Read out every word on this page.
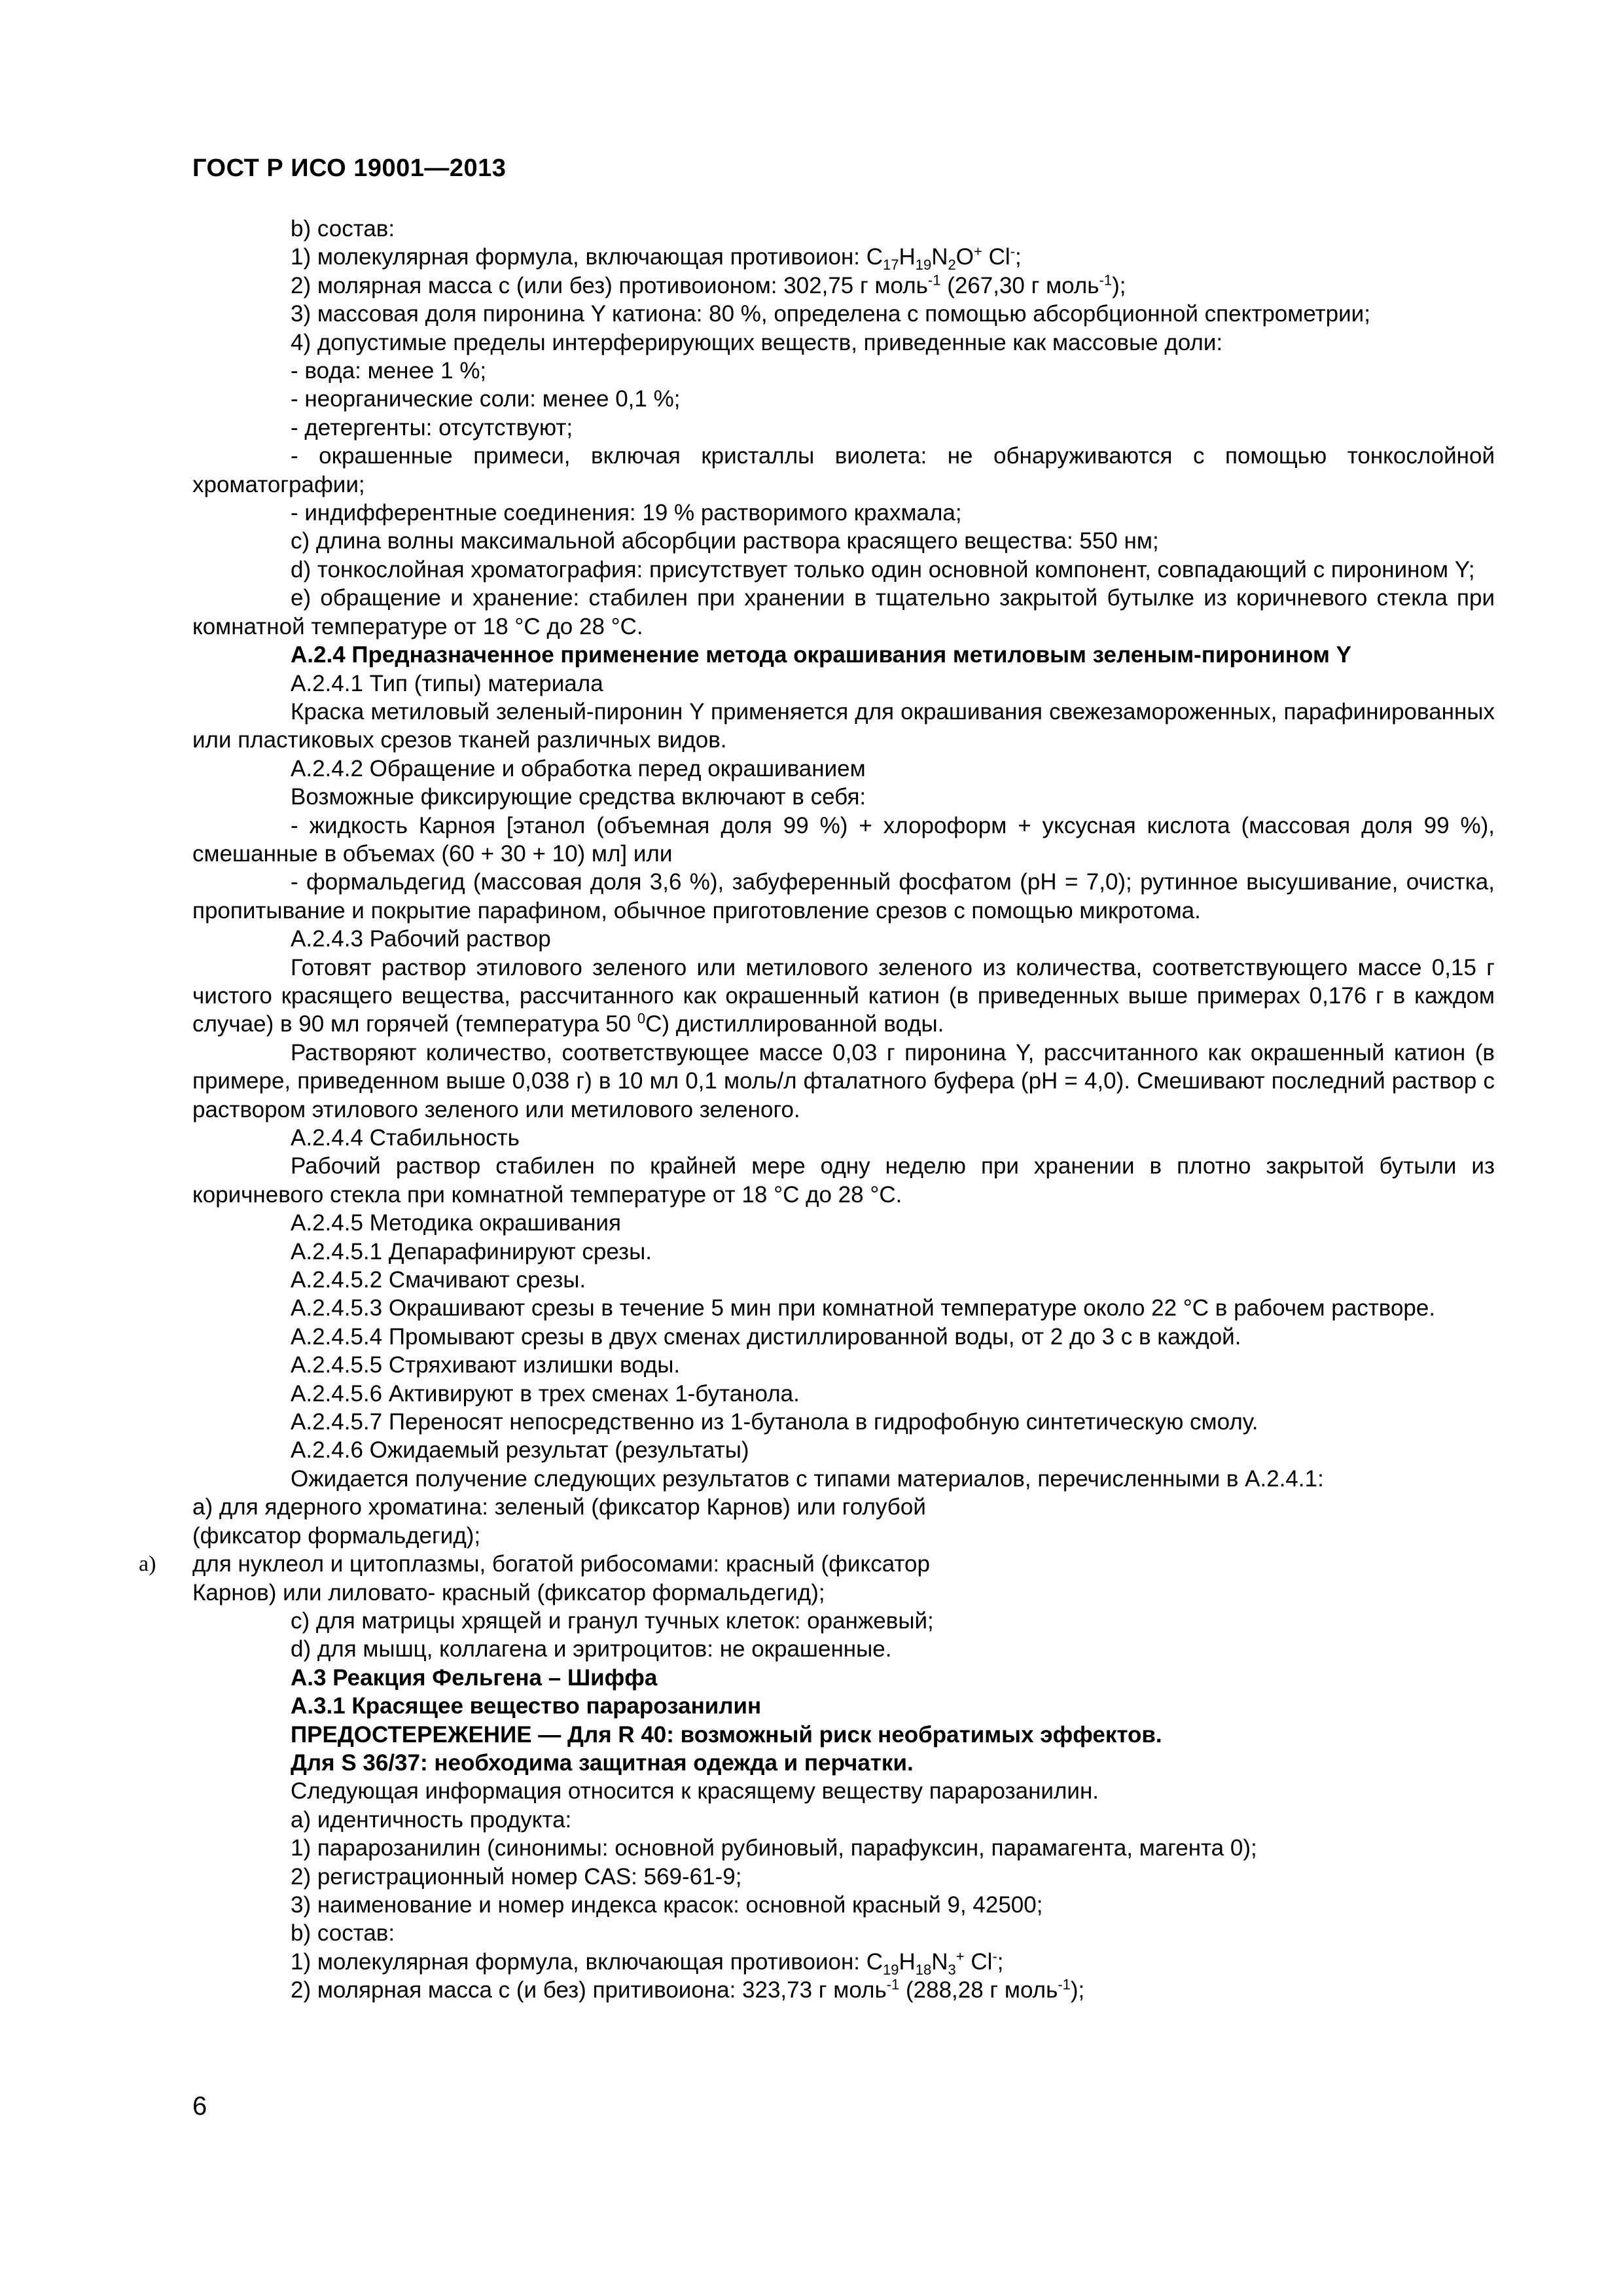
ГОСТ Р ИСО 19001—2013

b) состав:

1) молекулярная формула, включающая противоион: $С_{17}Н_{19}N_2O^+$ Cl-;

2) молярная масса с (или без) противоионом: 302,75 г моль$^{-1}$ (267,30 г моль$^{-1}$);

3) массовая доля пиронина Y катиона: 80 %, определена с помощью абсорбционной спектрометрии;

4) допустимые пределы интерферирующих веществ, приведенные как массовые доли:

- вода: менее 1 %;

- неорганические соли: менее 0,1 %;

- детергенты: отсутствуют;

- окрашенные примеси, включая кристаллы виолета: не обнаруживаются с помощью тонкослойной хроматографии;

- индифферентные соединения: 19 % растворимого крахмала;

c) длина волны максимальной абсорбции раствора красящего вещества: 550 нм;

d) тонкослойная хроматография: присутствует только один основной компонент, совпадающий с пиронином Y;

e) обращение и хранение: стабилен при хранении в тщательно закрытой бутылке из коричневого стекла при комнатной температуре от 18 °С до 28 °С.

А.2.4 Предназначенное применение метода окрашивания метиловым зеленым-пиронином Y

А.2.4.1 Тип (типы) материала

Краска метиловый зеленый-пиронин Y применяется для окрашивания свежезамороженных, парафинированных или пластиковых срезов тканей различных видов.

А.2.4.2 Обращение и обработка перед окрашиванием

Возможные фиксирующие средства включают в себя:

- жидкость Карноя [этанол (объемная доля 99 %) + хлороформ + уксусная кислота (массовая доля 99 %), смешанные в объемах (60 + 30 + 10) мл] или

- формальдегид (массовая доля 3,6 %), забуференный фосфатом (рН = 7,0); рутинное высушивание, очистка, пропитывание и покрытие парафином, обычное приготовление срезов с помощью микротома.

А.2.4.3 Рабочий раствор

Готовят раствор этилового зеленого или метилового зеленого из количества, соответствующего массе 0,15 г чистого красящего вещества, рассчитанного как окрашенный катион (в приведенных выше примерах 0,176 г в каждом случае) в 90 мл горячей (температура 50 $^0$С) дистиллированной воды.

Растворяют количество, соответствующее массе 0,03 г пиронина Y, рассчитанного как окрашенный катион (в примере, приведенном выше 0,038 г) в 10 мл 0,1 моль/л фталатного буфера (рН = 4,0). Смешивают последний раствор с раствором этилового зеленого или метилового зеленого.

А.2.4.4 Стабильность

Рабочий раствор стабилен по крайней мере одну неделю при хранении в плотно закрытой бутыли из коричневого стекла при комнатной температуре от 18 °С до 28 °С.

А.2.4.5 Методика окрашивания

А.2.4.5.1 Депарафинируют срезы.

А.2.4.5.2 Смачивают срезы.

А.2.4.5.3 Окрашивают срезы в течение 5 мин при комнатной температуре около 22 °С в рабочем растворе.

А.2.4.5.4 Промывают срезы в двух сменах дистиллированной воды, от 2 до 3 с в каждой.

А.2.4.5.5 Стряхивают излишки воды.

А.2.4.5.6 Активируют в трех сменах 1-бутанола.

А.2.4.5.7 Переносят непосредственно из 1-бутанола в гидрофобную синтетическую смолу.

А.2.4.6 Ожидаемый результат (результаты)

Ожидается получение следующих результатов с типами материалов, перечисленными в А.2.4.1:

a) для ядерного хроматина: зеленый (фиксатор Карнов) или голубой

(фиксатор формальдегид);

a) для нуклеол и цитоплазмы, богатой рибосомами: красный (фиксатор

Карнов) или лиловато- красный (фиксатор формальдегид);

c) для матрицы хрящей и гранул тучных клеток: оранжевый;

d) для мышц, коллагена и эритроцитов: не окрашенные.

А.3 Реакция Фельгена – Шиффа

А.3.1 Красящее вещество парарозанилин

ПРЕДОСТЕРЕЖЕНИЕ — Для R 40: возможный риск необратимых эффектов.

Для S 36/37: необходима защитная одежда и перчатки.

Следующая информация относится к красящему веществу парарозанилин.

a) идентичность продукта:

1) парарозанилин (синонимы: основной рубиновый, парафуксин, парамагента, магента 0);

2) регистрационный номер CAS: 569-61-9;

3) наименование и номер индекса красок: основной красный 9, 42500;

b) состав:

1) молекулярная формула, включающая противоион: $С_{19}Н_{18}N_3^+$ Cl-;

2) молярная масса с (и без) притивоиона: 323,73 г моль$^{-1}$ (288,28 г моль$^{-1}$);

6
